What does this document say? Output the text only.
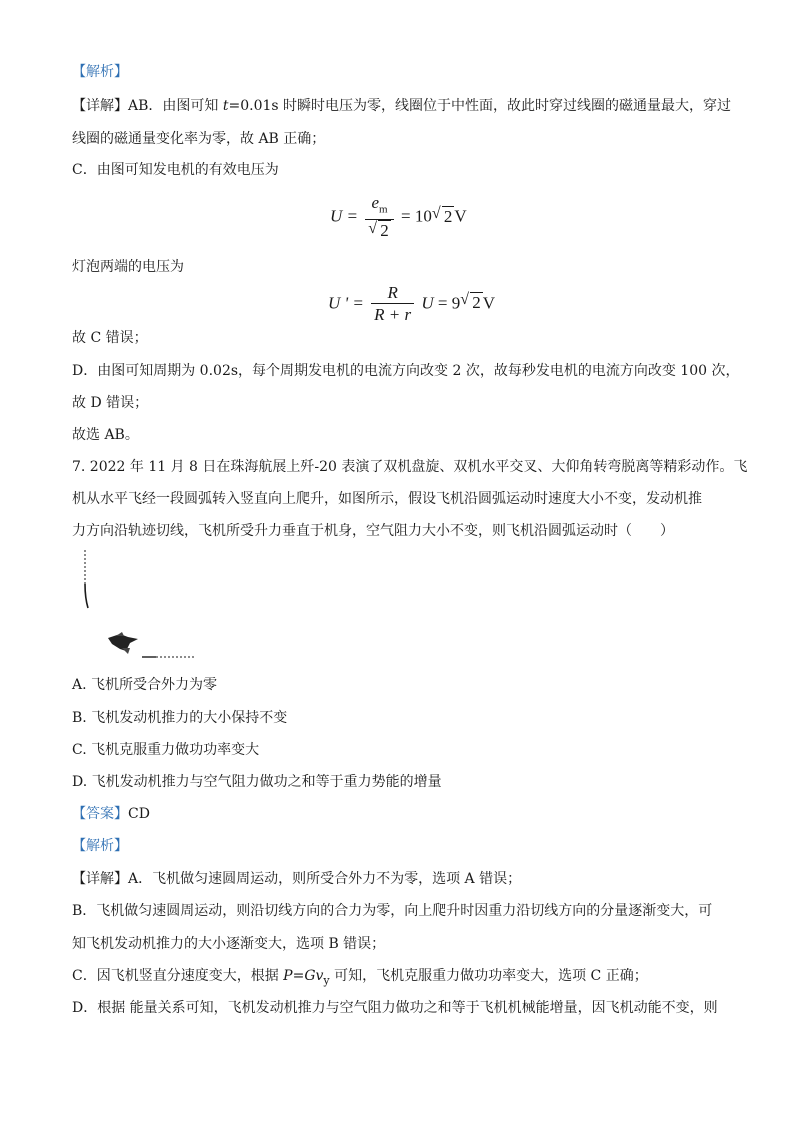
【解析】
【详解】AB．由图可知 t=0.01s 时瞬时电压为零，线圈位于中性面，故此时穿过线圈的磁通量最大，穿过
线圈的磁通量变化率为零，故 AB 正确；
C．由图可知发电机的有效电压为
$U = \frac{e_m}{√ 2} = 10$ √ 2 V
灯泡两端的电压为
U ' = $\frac{R}{R + r}$ U = 9 √ 2 V
故 C 错误；
D．由图可知周期为 0.02s，每个周期发电机的电流方向改变 2 次，故每秒发电机的电流方向改变 100 次，
故 D 错误；
故选 AB。
7. 2022 年 11 月 8 日在珠海航展上歼-20 表演了双机盘旋、双机水平交叉、大仰角转弯脱离等精彩动作。飞
机从水平飞经一段圆弧转入竖直向上爬升，如图所示，假设飞机沿圆弧运动时速度大小不变，发动机推
力方向沿轨迹切线，飞机所受升力垂直于机身，空气阻力大小不变，则飞机沿圆弧运动时（　　）
A. 飞机所受合外力为零
B. 飞机发动机推力的大小保持不变
C. 飞机克服重力做功功率变大
D. 飞机发动机推力与空气阻力做功之和等于重力势能的增量
【答案】CD
【解析】
【详解】A．飞机做匀速圆周运动，则所受合外力不为零，选项 A 错误；
B．飞机做匀速圆周运动，则沿切线方向的合力为零，向上爬升时因重力沿切线方向的分量逐渐变大，可
知飞机发动机推力的大小逐渐变大，选项 B 错误；
C．因飞机竖直分速度变大，根据 $P=Gv_y$ 可知，飞机克服重力做功功率变大，选项 C 正确；
D．根据 能量关系可知，飞机发动机推力与空气阻力做功之和等于飞机机械能增量，因飞机动能不变，则
